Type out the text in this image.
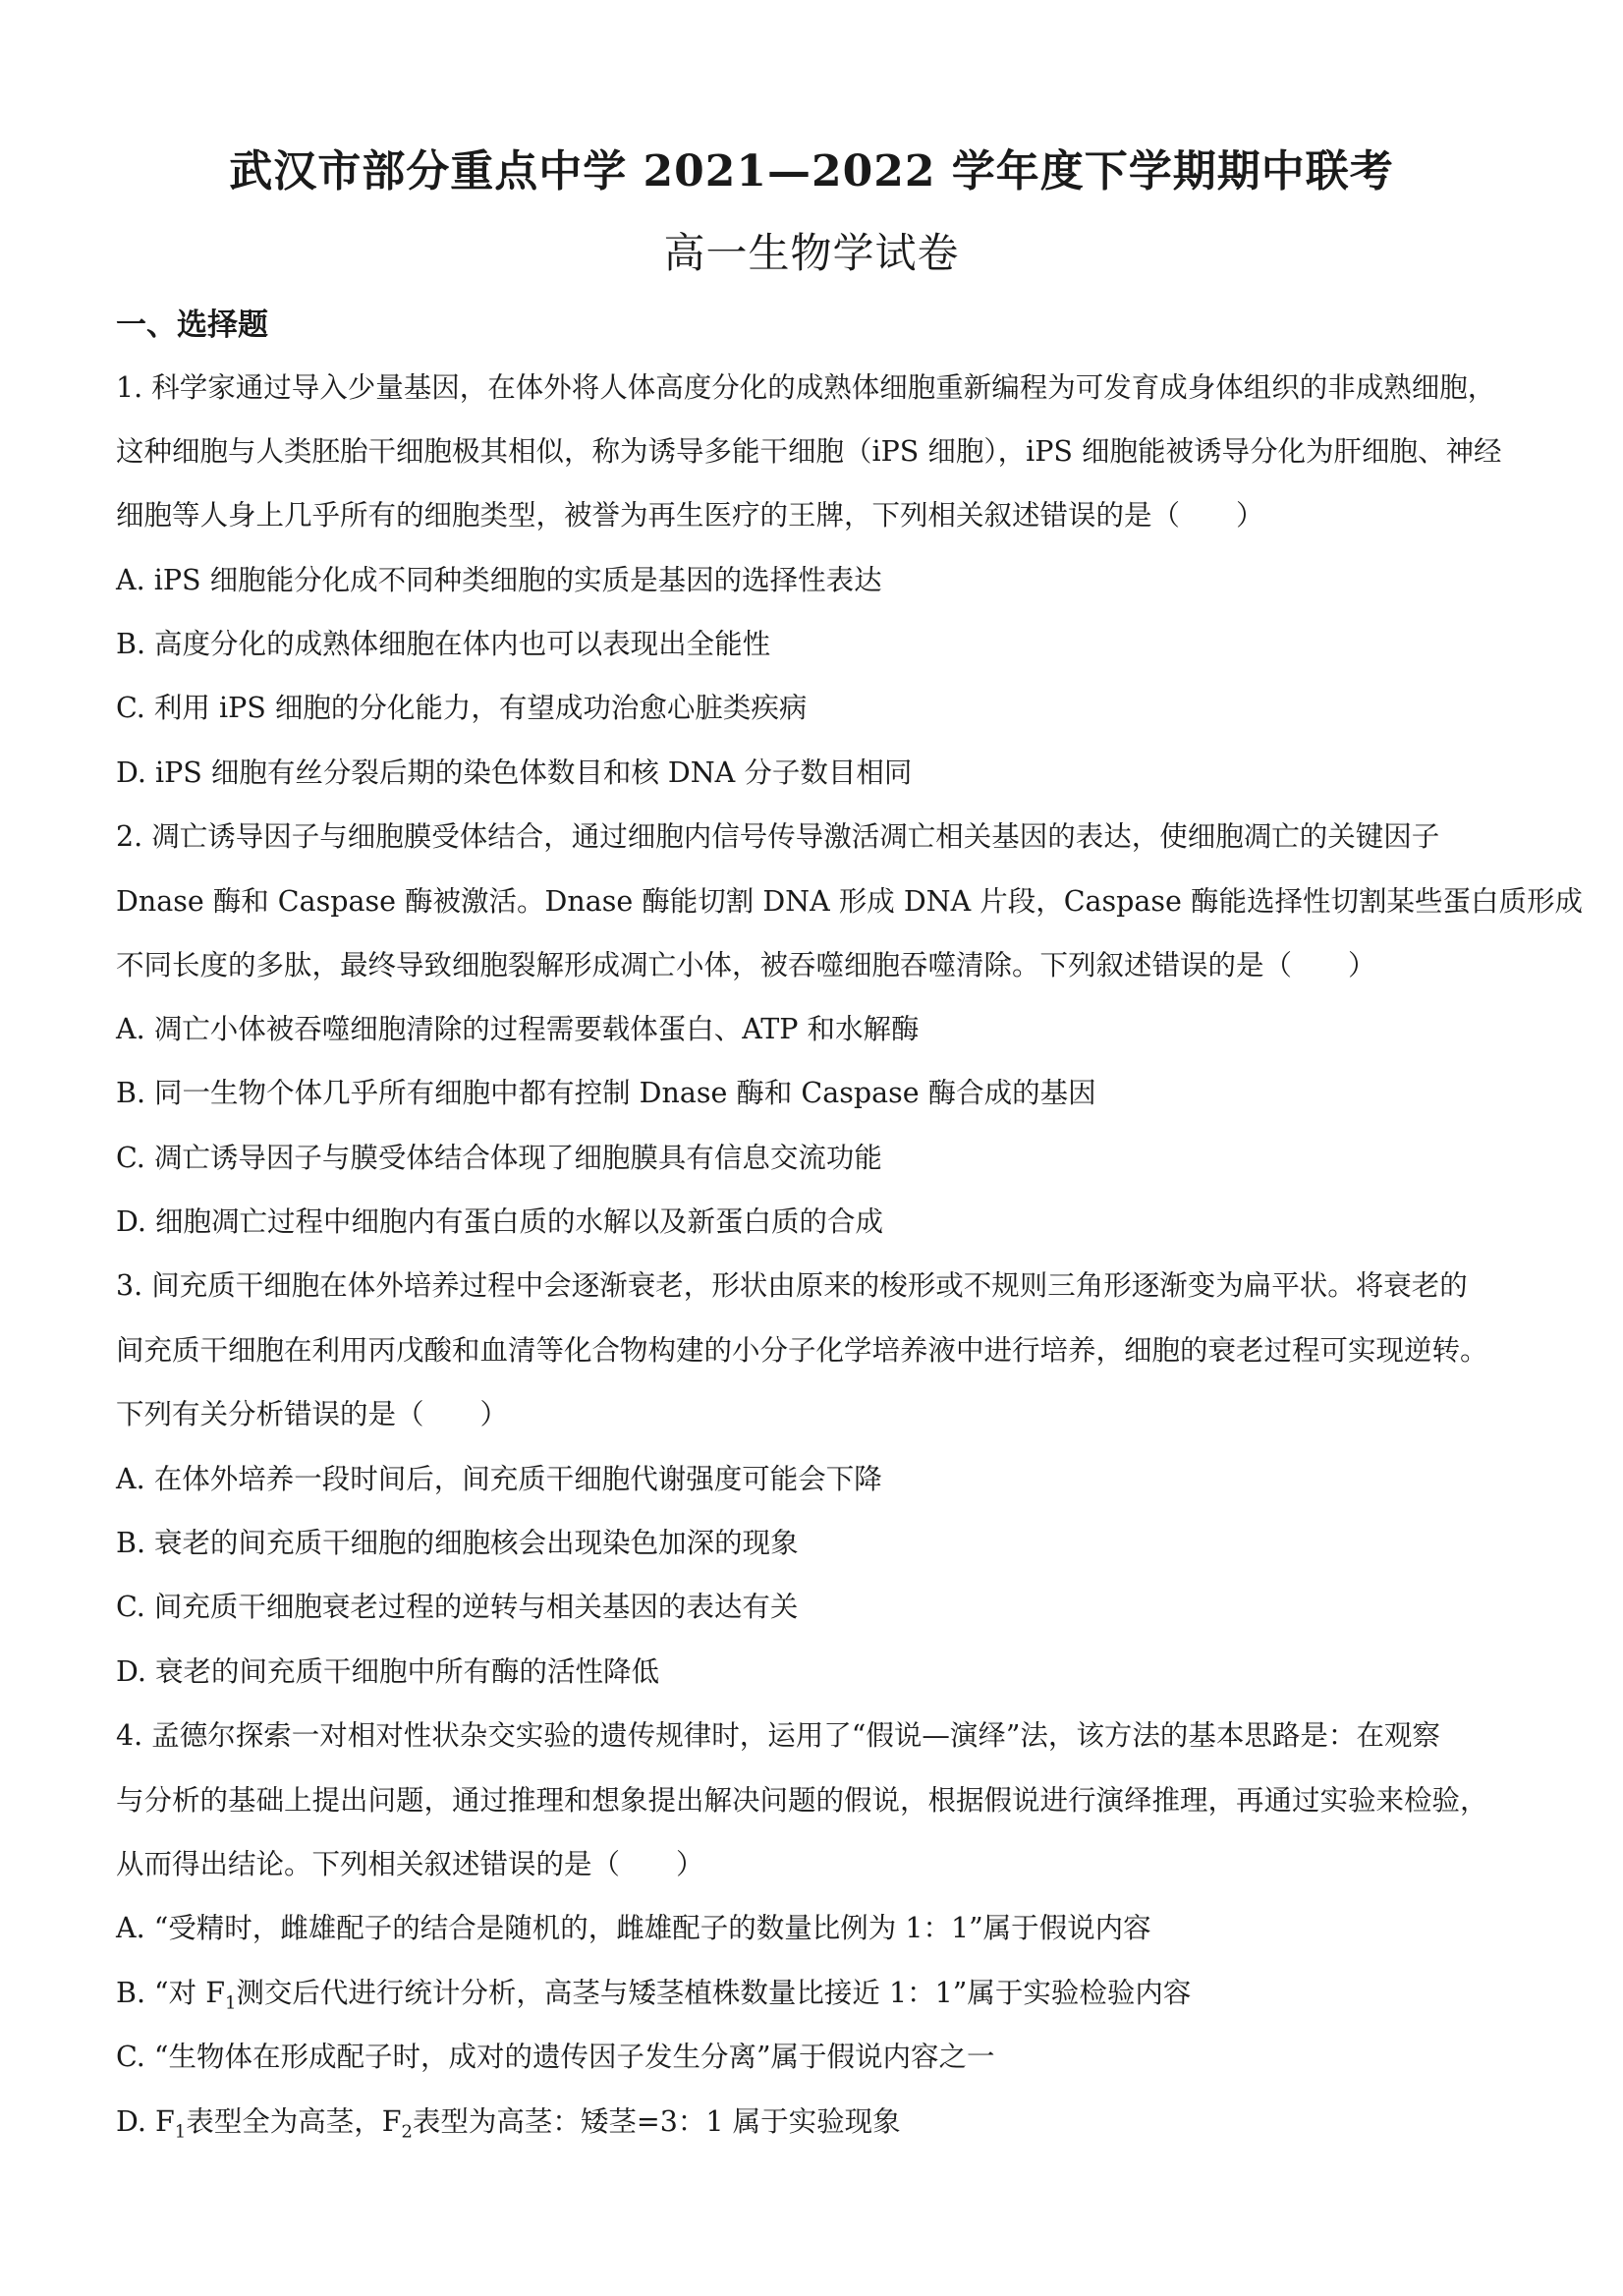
武汉市部分重点中学 2021—2022 学年度下学期期中联考
高一生物学试卷
一、选择题
1. 科学家通过导入少量基因，在体外将人体高度分化的成熟体细胞重新编程为可发育成身体组织的非成熟细胞，
这种细胞与人类胚胎干细胞极其相似，称为诱导多能干细胞（iPS 细胞），iPS 细胞能被诱导分化为肝细胞、神经
细胞等人身上几乎所有的细胞类型，被誉为再生医疗的王牌，下列相关叙述错误的是（　　）
A. iPS 细胞能分化成不同种类细胞的实质是基因的选择性表达
B. 高度分化的成熟体细胞在体内也可以表现出全能性
C. 利用 iPS 细胞的分化能力，有望成功治愈心脏类疾病
D. iPS 细胞有丝分裂后期的染色体数目和核 DNA 分子数目相同
2. 凋亡诱导因子与细胞膜受体结合，通过细胞内信号传导激活凋亡相关基因的表达，使细胞凋亡的关键因子
Dnase 酶和 Caspase 酶被激活。Dnase 酶能切割 DNA 形成 DNA 片段，Caspase 酶能选择性切割某些蛋白质形成
不同长度的多肽，最终导致细胞裂解形成凋亡小体，被吞噬细胞吞噬清除。下列叙述错误的是（　　）
A. 凋亡小体被吞噬细胞清除的过程需要载体蛋白、ATP 和水解酶
B. 同一生物个体几乎所有细胞中都有控制 Dnase 酶和 Caspase 酶合成的基因
C. 凋亡诱导因子与膜受体结合体现了细胞膜具有信息交流功能
D. 细胞凋亡过程中细胞内有蛋白质的水解以及新蛋白质的合成
3. 间充质干细胞在体外培养过程中会逐渐衰老，形状由原来的梭形或不规则三角形逐渐变为扁平状。将衰老的
间充质干细胞在利用丙戊酸和血清等化合物构建的小分子化学培养液中进行培养，细胞的衰老过程可实现逆转。
下列有关分析错误的是（　　）
A. 在体外培养一段时间后，间充质干细胞代谢强度可能会下降
B. 衰老的间充质干细胞的细胞核会出现染色加深的现象
C. 间充质干细胞衰老过程的逆转与相关基因的表达有关
D. 衰老的间充质干细胞中所有酶的活性降低
4. 孟德尔探索一对相对性状杂交实验的遗传规律时，运用了“假说—演绎”法，该方法的基本思路是：在观察
与分析的基础上提出问题，通过推理和想象提出解决问题的假说，根据假说进行演绎推理，再通过实验来检验，
从而得出结论。下列相关叙述错误的是（　　）
A. “受精时，雌雄配子的结合是随机的，雌雄配子的数量比例为 1：1”属于假说内容
B. “对 $F_1$测交后代进行统计分析，高茎与矮茎植株数量比接近 1：1”属于实验检验内容
C. “生物体在形成配子时，成对的遗传因子发生分离”属于假说内容之一
D. $F_1$表型全为高茎，$F_2$表型为高茎：矮茎=3：1 属于实验现象
